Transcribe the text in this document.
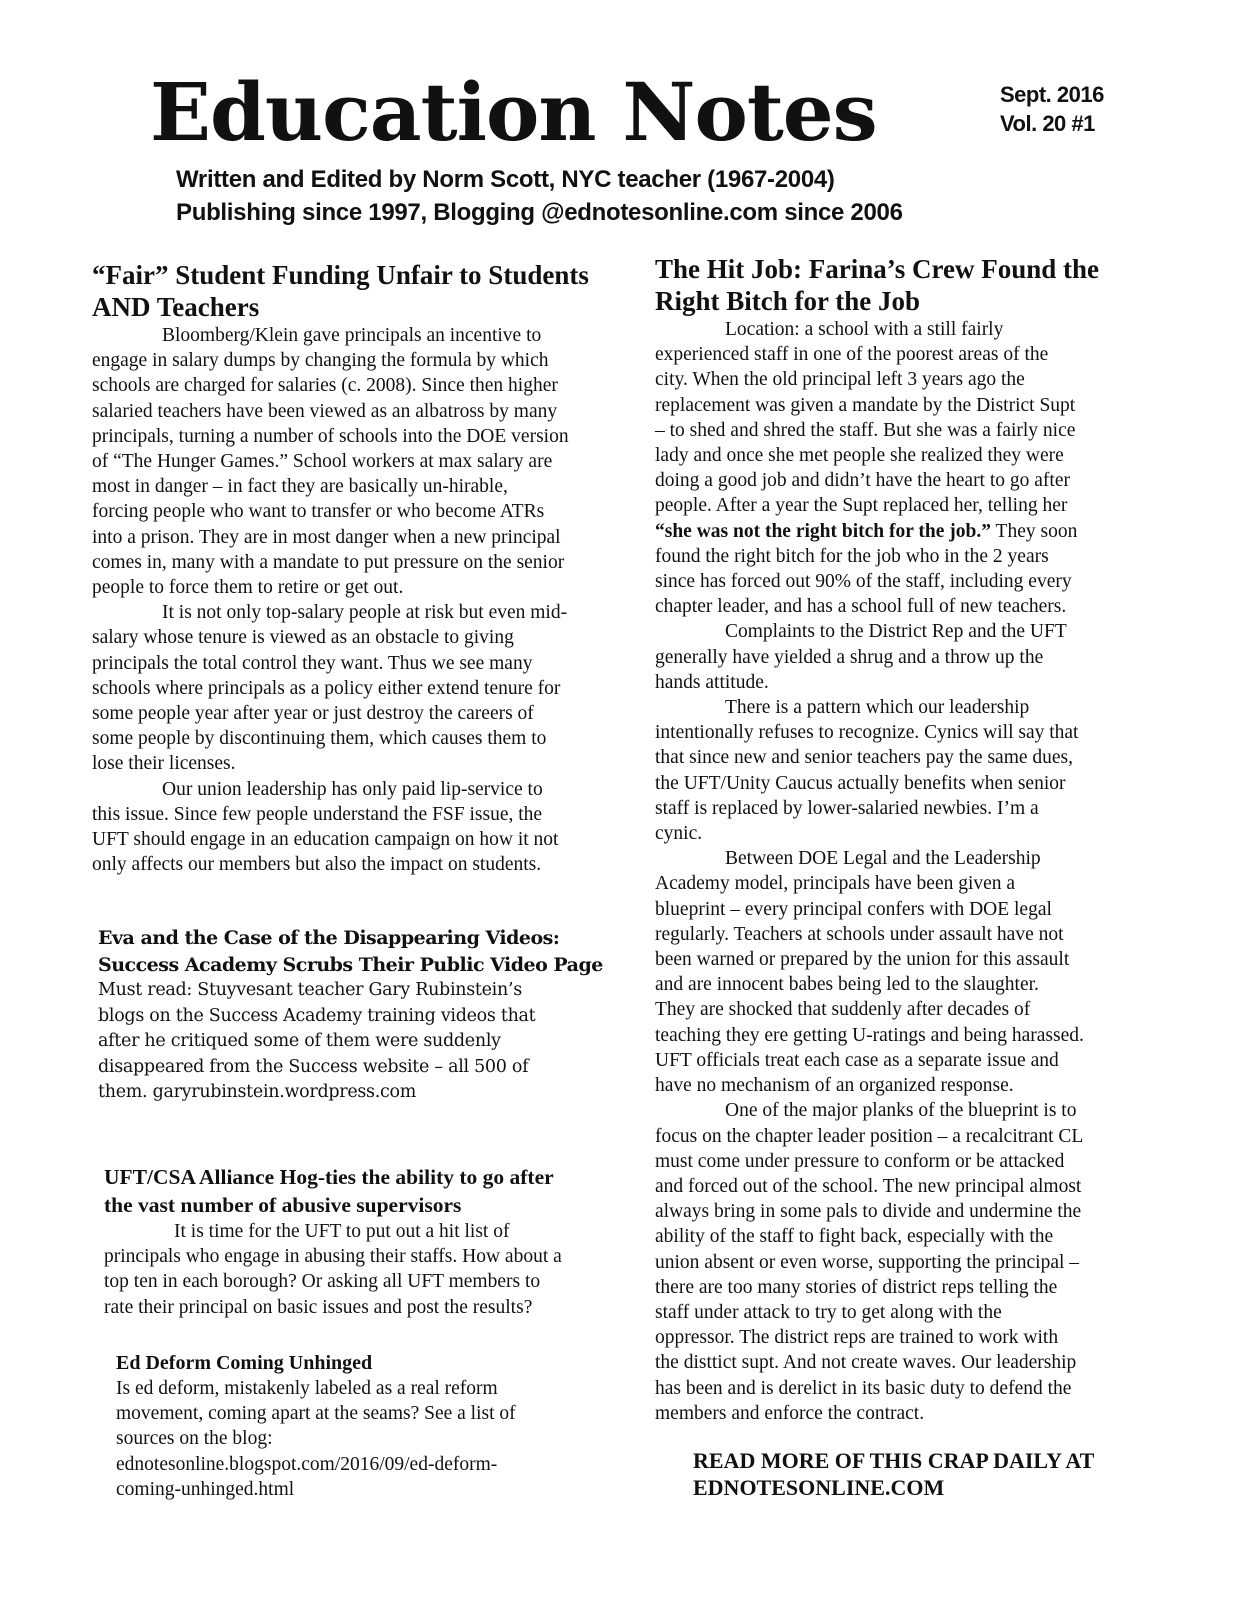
Education Notes	Sept. 2016
Vol. 20 #1
Written and Edited by Norm Scott, NYC teacher (1967-2004)
Publishing since 1997, Blogging @ednotesonline.com since 2006
“Fair” Student Funding Unfair to Students
AND Teachers
Bloomberg/Klein gave principals an incentive to
engage in salary dumps by changing the formula by which
schools are charged for salaries (c. 2008). Since then higher
salaried teachers have been viewed as an albatross by many
principals, turning a number of schools into the DOE version
of “The Hunger Games.” School workers at max salary are
most in danger – in fact they are basically un-hirable,
forcing people who want to transfer or who become ATRs
into a prison. They are in most danger when a new principal
comes in, many with a mandate to put pressure on the senior
people to force them to retire or get out.
It is not only top-salary people at risk but even mid-
salary whose tenure is viewed as an obstacle to giving
principals the total control they want. Thus we see many
schools where principals as a policy either extend tenure for
some people year after year or just destroy the careers of
some people by discontinuing them, which causes them to
lose their licenses.
Our union leadership has only paid lip-service to
this issue. Since few people understand the FSF issue, the
UFT should engage in an education campaign on how it not
only affects our members but also the impact on students.
Eva and the Case of the Disappearing Videos:
Success Academy Scrubs Their Public Video Page
Must read: Stuyvesant teacher Gary Rubinstein’s
blogs on the Success Academy training videos that
after he critiqued some of them were suddenly
disappeared from the Success website – all 500 of
them. garyrubinstein.wordpress.com
UFT/CSA Alliance Hog-ties the ability to go after
the vast number of abusive supervisors
It is time for the UFT to put out a hit list of
principals who engage in abusing their staffs. How about a
top ten in each borough? Or asking all UFT members to
rate their principal on basic issues and post the results?
Ed Deform Coming Unhinged
Is ed deform, mistakenly labeled as a real reform
movement, coming apart at the seams? See a list of
sources on the blog:
ednotesonline.blogspot.com/2016/09/ed-deform-
coming-unhinged.html
The Hit Job: Farina’s Crew Found the
Right Bitch for the Job
Location: a school with a still fairly
experienced staff in one of the poorest areas of the
city. When the old principal left 3 years ago the
replacement was given a mandate by the District Supt
– to shed and shred the staff. But she was a fairly nice
lady and once she met people she realized they were
doing a good job and didn’t have the heart to go after
people. After a year the Supt replaced her, telling her
“she was not the right bitch for the job.” They soon
found the right bitch for the job who in the 2 years
since has forced out 90% of the staff, including every
chapter leader, and has a school full of new teachers.
Complaints to the District Rep and the UFT
generally have yielded a shrug and a throw up the
hands attitude.
There is a pattern which our leadership
intentionally refuses to recognize. Cynics will say that
that since new and senior teachers pay the same dues,
the UFT/Unity Caucus actually benefits when senior
staff is replaced by lower-salaried newbies. I’m a
cynic.
Between DOE Legal and the Leadership
Academy model, principals have been given a
blueprint – every principal confers with DOE legal
regularly. Teachers at schools under assault have not
been warned or prepared by the union for this assault
and are innocent babes being led to the slaughter.
They are shocked that suddenly after decades of
teaching they ere getting U-ratings and being harassed.
UFT officials treat each case as a separate issue and
have no mechanism of an organized response.
One of the major planks of the blueprint is to
focus on the chapter leader position – a recalcitrant CL
must come under pressure to conform or be attacked
and forced out of the school. The new principal almost
always bring in some pals to divide and undermine the
ability of the staff to fight back, especially with the
union absent or even worse, supporting the principal –
there are too many stories of district reps telling the
staff under attack to try to get along with the
oppressor. The district reps are trained to work with
the disttict supt. And not create waves. Our leadership
has been and is derelict in its basic duty to defend the
members and enforce the contract.
READ MORE OF THIS CRAP DAILY AT
EDNOTESONLINE.COM
